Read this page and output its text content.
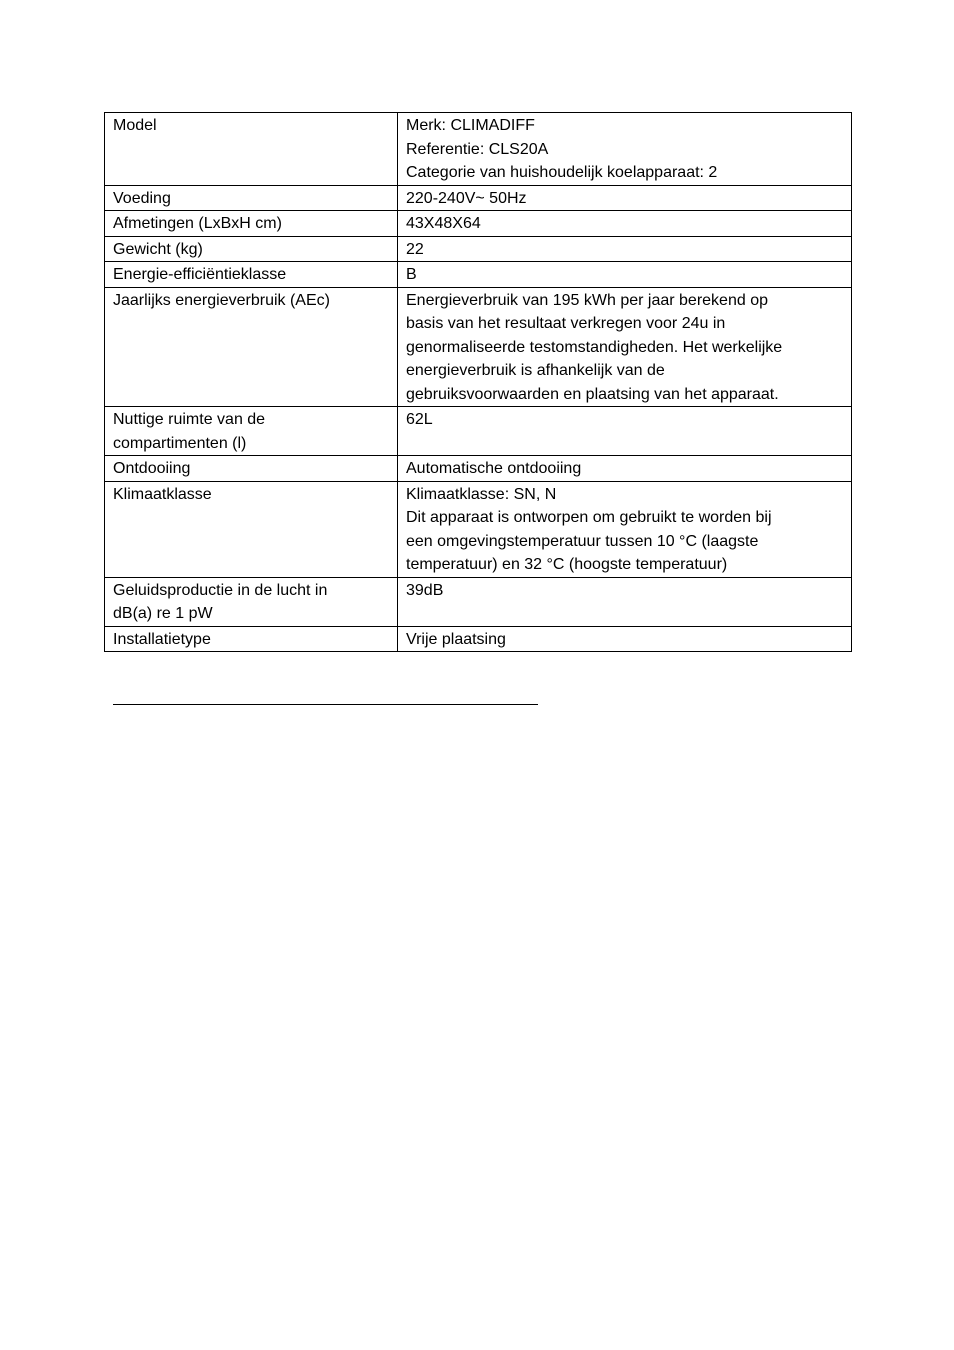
Model	Merk: CLIMADIFF
Referentie: CLS20A
Categorie van huishoudelijk koelapparaat: 2

Voeding	220-240V~ 50Hz

Afmetingen (LxBxH cm)	43X48X64

Gewicht (kg)	22

Energie-efficiëntieklasse	B

Jaarlijks energieverbruik (AEc)	Energieverbruik van 195 kWh per jaar berekend op
basis van het resultaat verkregen voor 24u in
genormaliseerde testomstandigheden. Het werkelijke
energieverbruik is afhankelijk van de
gebruiksvoorwaarden en plaatsing van het apparaat.

Nuttige ruimte van de
compartimenten (l)	62L

Ontdooiing	Automatische ontdooiing

Klimaatklasse	Klimaatklasse: SN, N
Dit apparaat is ontworpen om gebruikt te worden bij
een omgevingstemperatuur tussen 10 °C (laagste
temperatuur) en 32 °C (hoogste temperatuur)

Geluidsproductie in de lucht in
dB(a) re 1 pW	39dB

Installatietype	Vrije plaatsing
